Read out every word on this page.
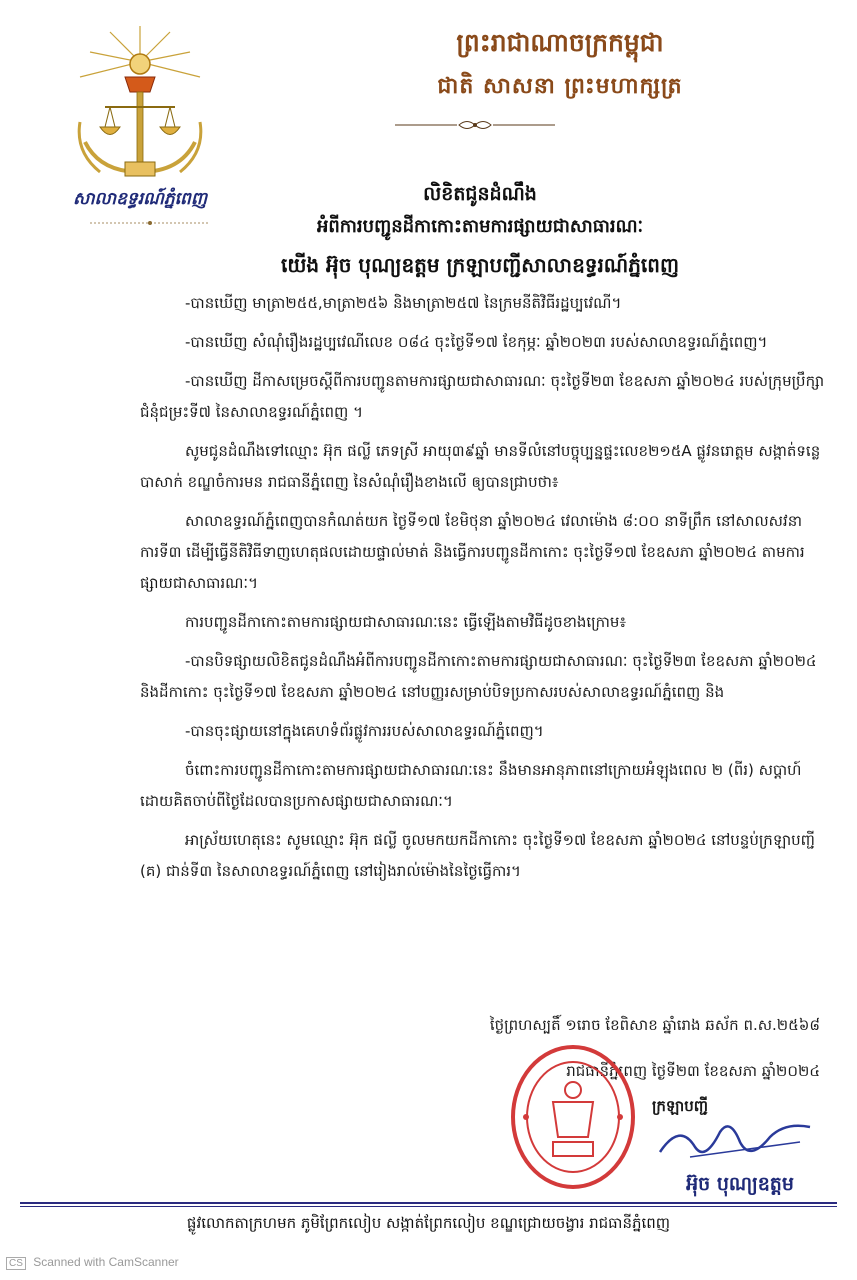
សាលាឧទ្ធរណ៍ភ្នំពេញ
ព្រះរាជាណាចក្រកម្ពុជា
ជាតិ សាសនា ព្រះមហាក្សត្រ
លិខិតជូនដំណឹង
អំពីការបញ្ជូនដីកាកោះតាមការផ្សាយជាសាធារណៈ
យើង អ៊ុច បុណ្យឧត្តម ក្រឡាបញ្ជីសាលាឧទ្ធរណ៍ភ្នំពេញ

-បានឃើញ មាត្រា២៥៥,មាត្រា២៥៦ និងមាត្រា២៥៧ នៃក្រមនីតិវិធីរដ្ឋប្បវេណី។

-បានឃើញ សំណុំរឿងរដ្ឋប្បវេណីលេខ ០៨៤ ចុះថ្ងៃទី១៧ ខែកុម្ភៈ ឆ្នាំ២០២៣ របស់សាលាឧទ្ធរណ៍ភ្នំពេញ។

-បានឃើញ ដីកាសម្រេចស្តីពីការបញ្ជូនតាមការផ្សាយជាសាធារណៈ ចុះថ្ងៃទី២៣ ខែឧសភា ឆ្នាំ២០២៤ របស់ក្រុមប្រឹក្សាជំនុំជម្រះទី៧ នៃសាលាឧទ្ធរណ៍ភ្នំពេញ ។

សូមជូនដំណឹងទៅឈ្មោះ អ៊ុក ផល្លី ភេទស្រី អាយុ៣៩ឆ្នាំ មានទីលំនៅបច្ចុប្បន្នផ្ទះលេខ២១៥A ផ្លូវនរោត្តម សង្កាត់ទន្លេបាសាក់ ខណ្ឌចំការមន រាជធានីភ្នំពេញ នៃសំណុំរឿងខាងលើ ឲ្យបានជ្រាបថា៖

សាលាឧទ្ធរណ៍ភ្នំពេញបានកំណត់យក ថ្ងៃទី១៧ ខែមិថុនា ឆ្នាំ២០២៤ វេលាម៉ោង ៨:០០ នាទីព្រឹក នៅសាលសវនាការទី៣ ដើម្បីធ្វើនីតិវិធីទាញហេតុផលដោយផ្ទាល់មាត់ និងធ្វើការបញ្ជូនដីកាកោះ ចុះថ្ងៃទី១៧ ខែឧសភា ឆ្នាំ២០២៤ តាមការផ្សាយជាសាធារណៈ។

ការបញ្ជូនដីកាកោះតាមការផ្សាយជាសាធារណៈនេះ ធ្វើឡើងតាមវិធីដូចខាងក្រោម៖

-បានបិទផ្សាយលិខិតជូនដំណឹងអំពីការបញ្ជូនដីកាកោះតាមការផ្សាយជាសាធារណៈ ចុះថ្ងៃទី២៣ ខែឧសភា ឆ្នាំ២០២៤ និងដីកាកោះ ចុះថ្ងៃទី១៧ ខែឧសភា ឆ្នាំ២០២៤ នៅបញ្ញរសម្រាប់បិទប្រកាសរបស់សាលាឧទ្ធរណ៍ភ្នំពេញ និង

-បានចុះផ្សាយនៅក្នុងគេហទំព័រផ្លូវការរបស់សាលាឧទ្ធរណ៍ភ្នំពេញ។

ចំពោះការបញ្ជូនដីកាកោះតាមការផ្សាយជាសាធារណៈនេះ នឹងមានអានុភាពនៅក្រោយអំឡុងពេល ២ (ពីរ) សប្តាហ៍ ដោយគិតចាប់ពីថ្ងៃដែលបានប្រកាសផ្សាយជាសាធារណៈ។

អាស្រ័យហេតុនេះ សូមឈ្មោះ អ៊ុក ផល្លី ចូលមកយកដីកាកោះ ចុះថ្ងៃទី១៧ ខែឧសភា ឆ្នាំ២០២៤ នៅបន្ទប់ក្រឡាបញ្ជី (គ) ជាន់ទី៣ នៃសាលាឧទ្ធរណ៍ភ្នំពេញ នៅរៀងរាល់ម៉ោងនៃថ្ងៃធ្វើការ។

ថ្ងៃព្រហស្បតិ៍ ១រោច ខែពិសាខ ឆ្នាំរោង ឆស័ក ព.ស.២៥៦៨
រាជធានីភ្នំពេញ ថ្ងៃទី២៣ ខែឧសភា ឆ្នាំ២០២៤
ក្រឡាបញ្ជី
អ៊ុច បុណ្យឧត្តម
ផ្លូវលោកតាក្រហមក ភូមិព្រែកលៀប សង្កាត់ព្រែកលៀប ខណ្ឌជ្រោយចង្វារ រាជធានីភ្នំពេញ
CS Scanned with CamScanner
